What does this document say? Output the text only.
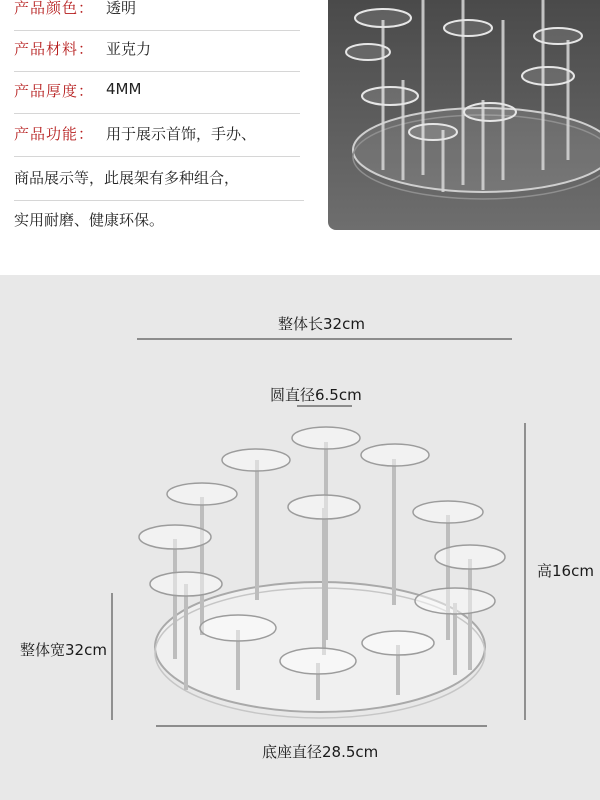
产品颜色： 透明
产品材料： 亚克力
产品厚度： 4MM
产品功能： 用于展示首饰，手办、
商品展示等，此展架有多种组合，
实用耐磨、健康环保。
整体长32cm
圆直径6.5cm
高16cm
整体宽32cm
底座直径28.5cm
